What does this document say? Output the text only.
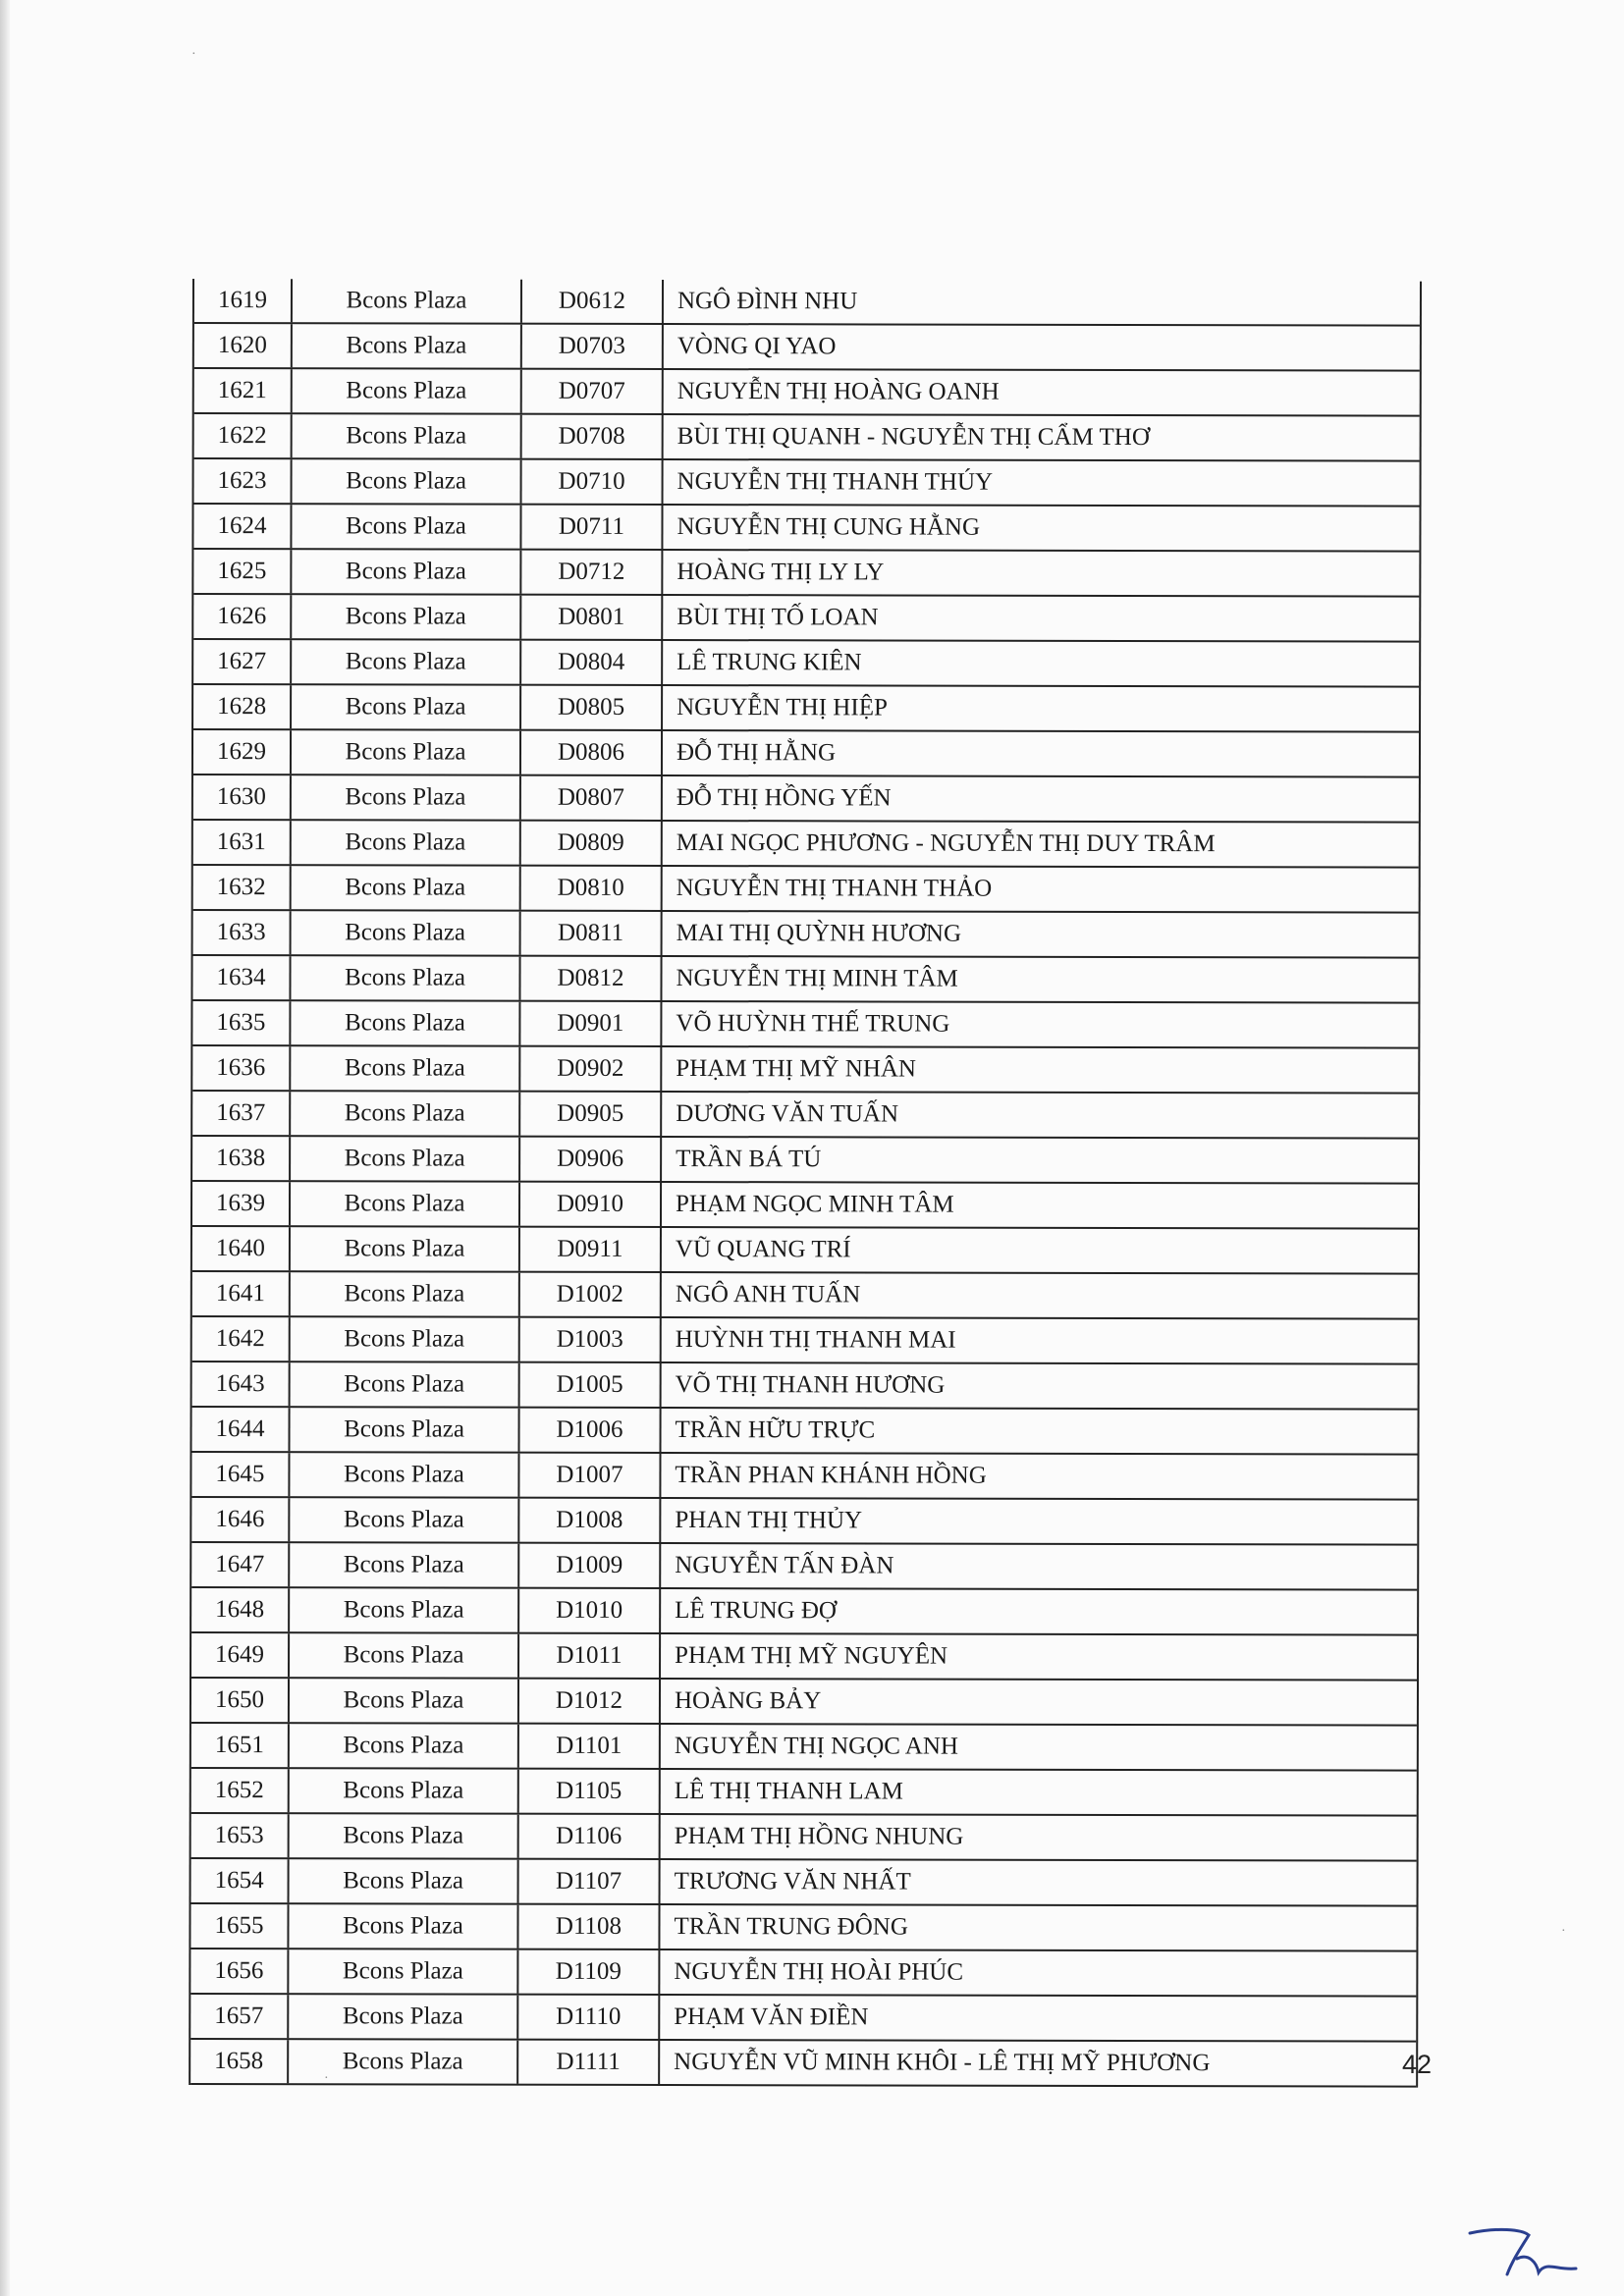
1619	Bcons Plaza	D0612	NGÔ ĐÌNH NHU
1620	Bcons Plaza	D0703	VÒNG QI YAO
1621	Bcons Plaza	D0707	NGUYỄN THỊ HOÀNG OANH
1622	Bcons Plaza	D0708	BÙI THỊ QUANH - NGUYỄN THỊ CẨM THƠ
1623	Bcons Plaza	D0710	NGUYỄN THỊ THANH THÚY
1624	Bcons Plaza	D0711	NGUYỄN THỊ CUNG HẰNG
1625	Bcons Plaza	D0712	HOÀNG THỊ LY LY
1626	Bcons Plaza	D0801	BÙI THỊ TỐ LOAN
1627	Bcons Plaza	D0804	LÊ TRUNG KIÊN
1628	Bcons Plaza	D0805	NGUYỄN THỊ HIỆP
1629	Bcons Plaza	D0806	ĐỖ THỊ HẰNG
1630	Bcons Plaza	D0807	ĐỖ THỊ HỒNG YẾN
1631	Bcons Plaza	D0809	MAI NGỌC PHƯƠNG - NGUYỄN THỊ DUY TRÂM
1632	Bcons Plaza	D0810	NGUYỄN THỊ THANH THẢO
1633	Bcons Plaza	D0811	MAI THỊ QUỲNH HƯƠNG
1634	Bcons Plaza	D0812	NGUYỄN THỊ MINH TÂM
1635	Bcons Plaza	D0901	VÕ HUỲNH THẾ TRUNG
1636	Bcons Plaza	D0902	PHẠM THỊ MỸ NHÂN
1637	Bcons Plaza	D0905	DƯƠNG VĂN TUẤN
1638	Bcons Plaza	D0906	TRẦN BÁ TÚ
1639	Bcons Plaza	D0910	PHẠM NGỌC MINH TÂM
1640	Bcons Plaza	D0911	VŨ QUANG TRÍ
1641	Bcons Plaza	D1002	NGÔ ANH TUẤN
1642	Bcons Plaza	D1003	HUỲNH THỊ THANH MAI
1643	Bcons Plaza	D1005	VÕ THỊ THANH HƯƠNG
1644	Bcons Plaza	D1006	TRẦN HỮU TRỰC
1645	Bcons Plaza	D1007	TRẦN PHAN KHÁNH HỒNG
1646	Bcons Plaza	D1008	PHAN THỊ THỦY
1647	Bcons Plaza	D1009	NGUYỄN TẤN ĐÀN
1648	Bcons Plaza	D1010	LÊ TRUNG ĐỢ
1649	Bcons Plaza	D1011	PHẠM THỊ MỸ NGUYÊN
1650	Bcons Plaza	D1012	HOÀNG BẢY
1651	Bcons Plaza	D1101	NGUYỄN THỊ NGỌC ANH
1652	Bcons Plaza	D1105	LÊ THỊ THANH LAM
1653	Bcons Plaza	D1106	PHẠM THỊ HỒNG NHUNG
1654	Bcons Plaza	D1107	TRƯƠNG VĂN NHẤT
1655	Bcons Plaza	D1108	TRẦN TRUNG ĐÔNG
1656	Bcons Plaza	D1109	NGUYỄN THỊ HOÀI PHÚC
1657	Bcons Plaza	D1110	PHẠM VĂN ĐIỀN
1658	Bcons Plaza	D1111	NGUYỄN VŨ MINH KHÔI - LÊ THỊ MỸ PHƯƠNG	42
·
·
·
